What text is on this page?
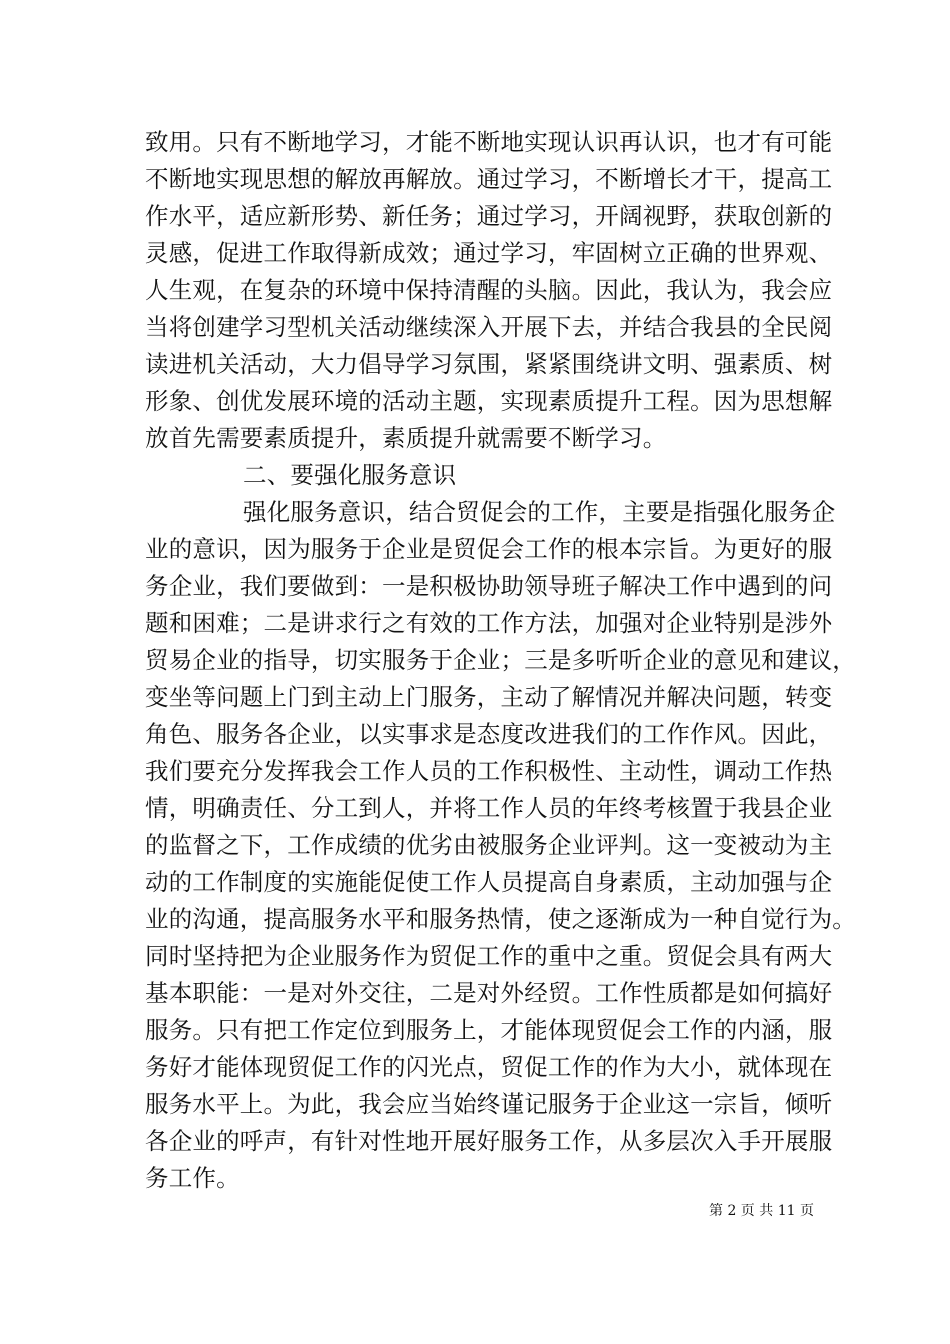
致用。只有不断地学习，才能不断地实现认识再认识，也才有可能
不断地实现思想的解放再解放。通过学习，不断增长才干，提高工
作水平，适应新形势、新任务；通过学习，开阔视野，获取创新的
灵感，促进工作取得新成效；通过学习，牢固树立正确的世界观、
人生观，在复杂的环境中保持清醒的头脑。因此，我认为，我会应
当将创建学习型机关活动继续深入开展下去，并结合我县的全民阅
读进机关活动，大力倡导学习氛围，紧紧围绕讲文明、强素质、树
形象、创优发展环境的活动主题，实现素质提升工程。因为思想解
放首先需要素质提升，素质提升就需要不断学习。
二、要强化服务意识
强化服务意识，结合贸促会的工作，主要是指强化服务企
业的意识，因为服务于企业是贸促会工作的根本宗旨。为更好的服
务企业，我们要做到：一是积极协助领导班子解决工作中遇到的问
题和困难；二是讲求行之有效的工作方法，加强对企业特别是涉外
贸易企业的指导，切实服务于企业；三是多听听企业的意见和建议，
变坐等问题上门到主动上门服务，主动了解情况并解决问题，转变
角色、服务各企业，以实事求是态度改进我们的工作作风。因此，
我们要充分发挥我会工作人员的工作积极性、主动性，调动工作热
情，明确责任、分工到人，并将工作人员的年终考核置于我县企业
的监督之下，工作成绩的优劣由被服务企业评判。这一变被动为主
动的工作制度的实施能促使工作人员提高自身素质，主动加强与企
业的沟通，提高服务水平和服务热情，使之逐渐成为一种自觉行为。
同时坚持把为企业服务作为贸促工作的重中之重。贸促会具有两大
基本职能：一是对外交往，二是对外经贸。工作性质都是如何搞好
服务。只有把工作定位到服务上，才能体现贸促会工作的内涵，服
务好才能体现贸促工作的闪光点，贸促工作的作为大小，就体现在
服务水平上。为此，我会应当始终谨记服务于企业这一宗旨，倾听
各企业的呼声，有针对性地开展好服务工作，从多层次入手开展服
务工作。
第 2 页 共 11 页
